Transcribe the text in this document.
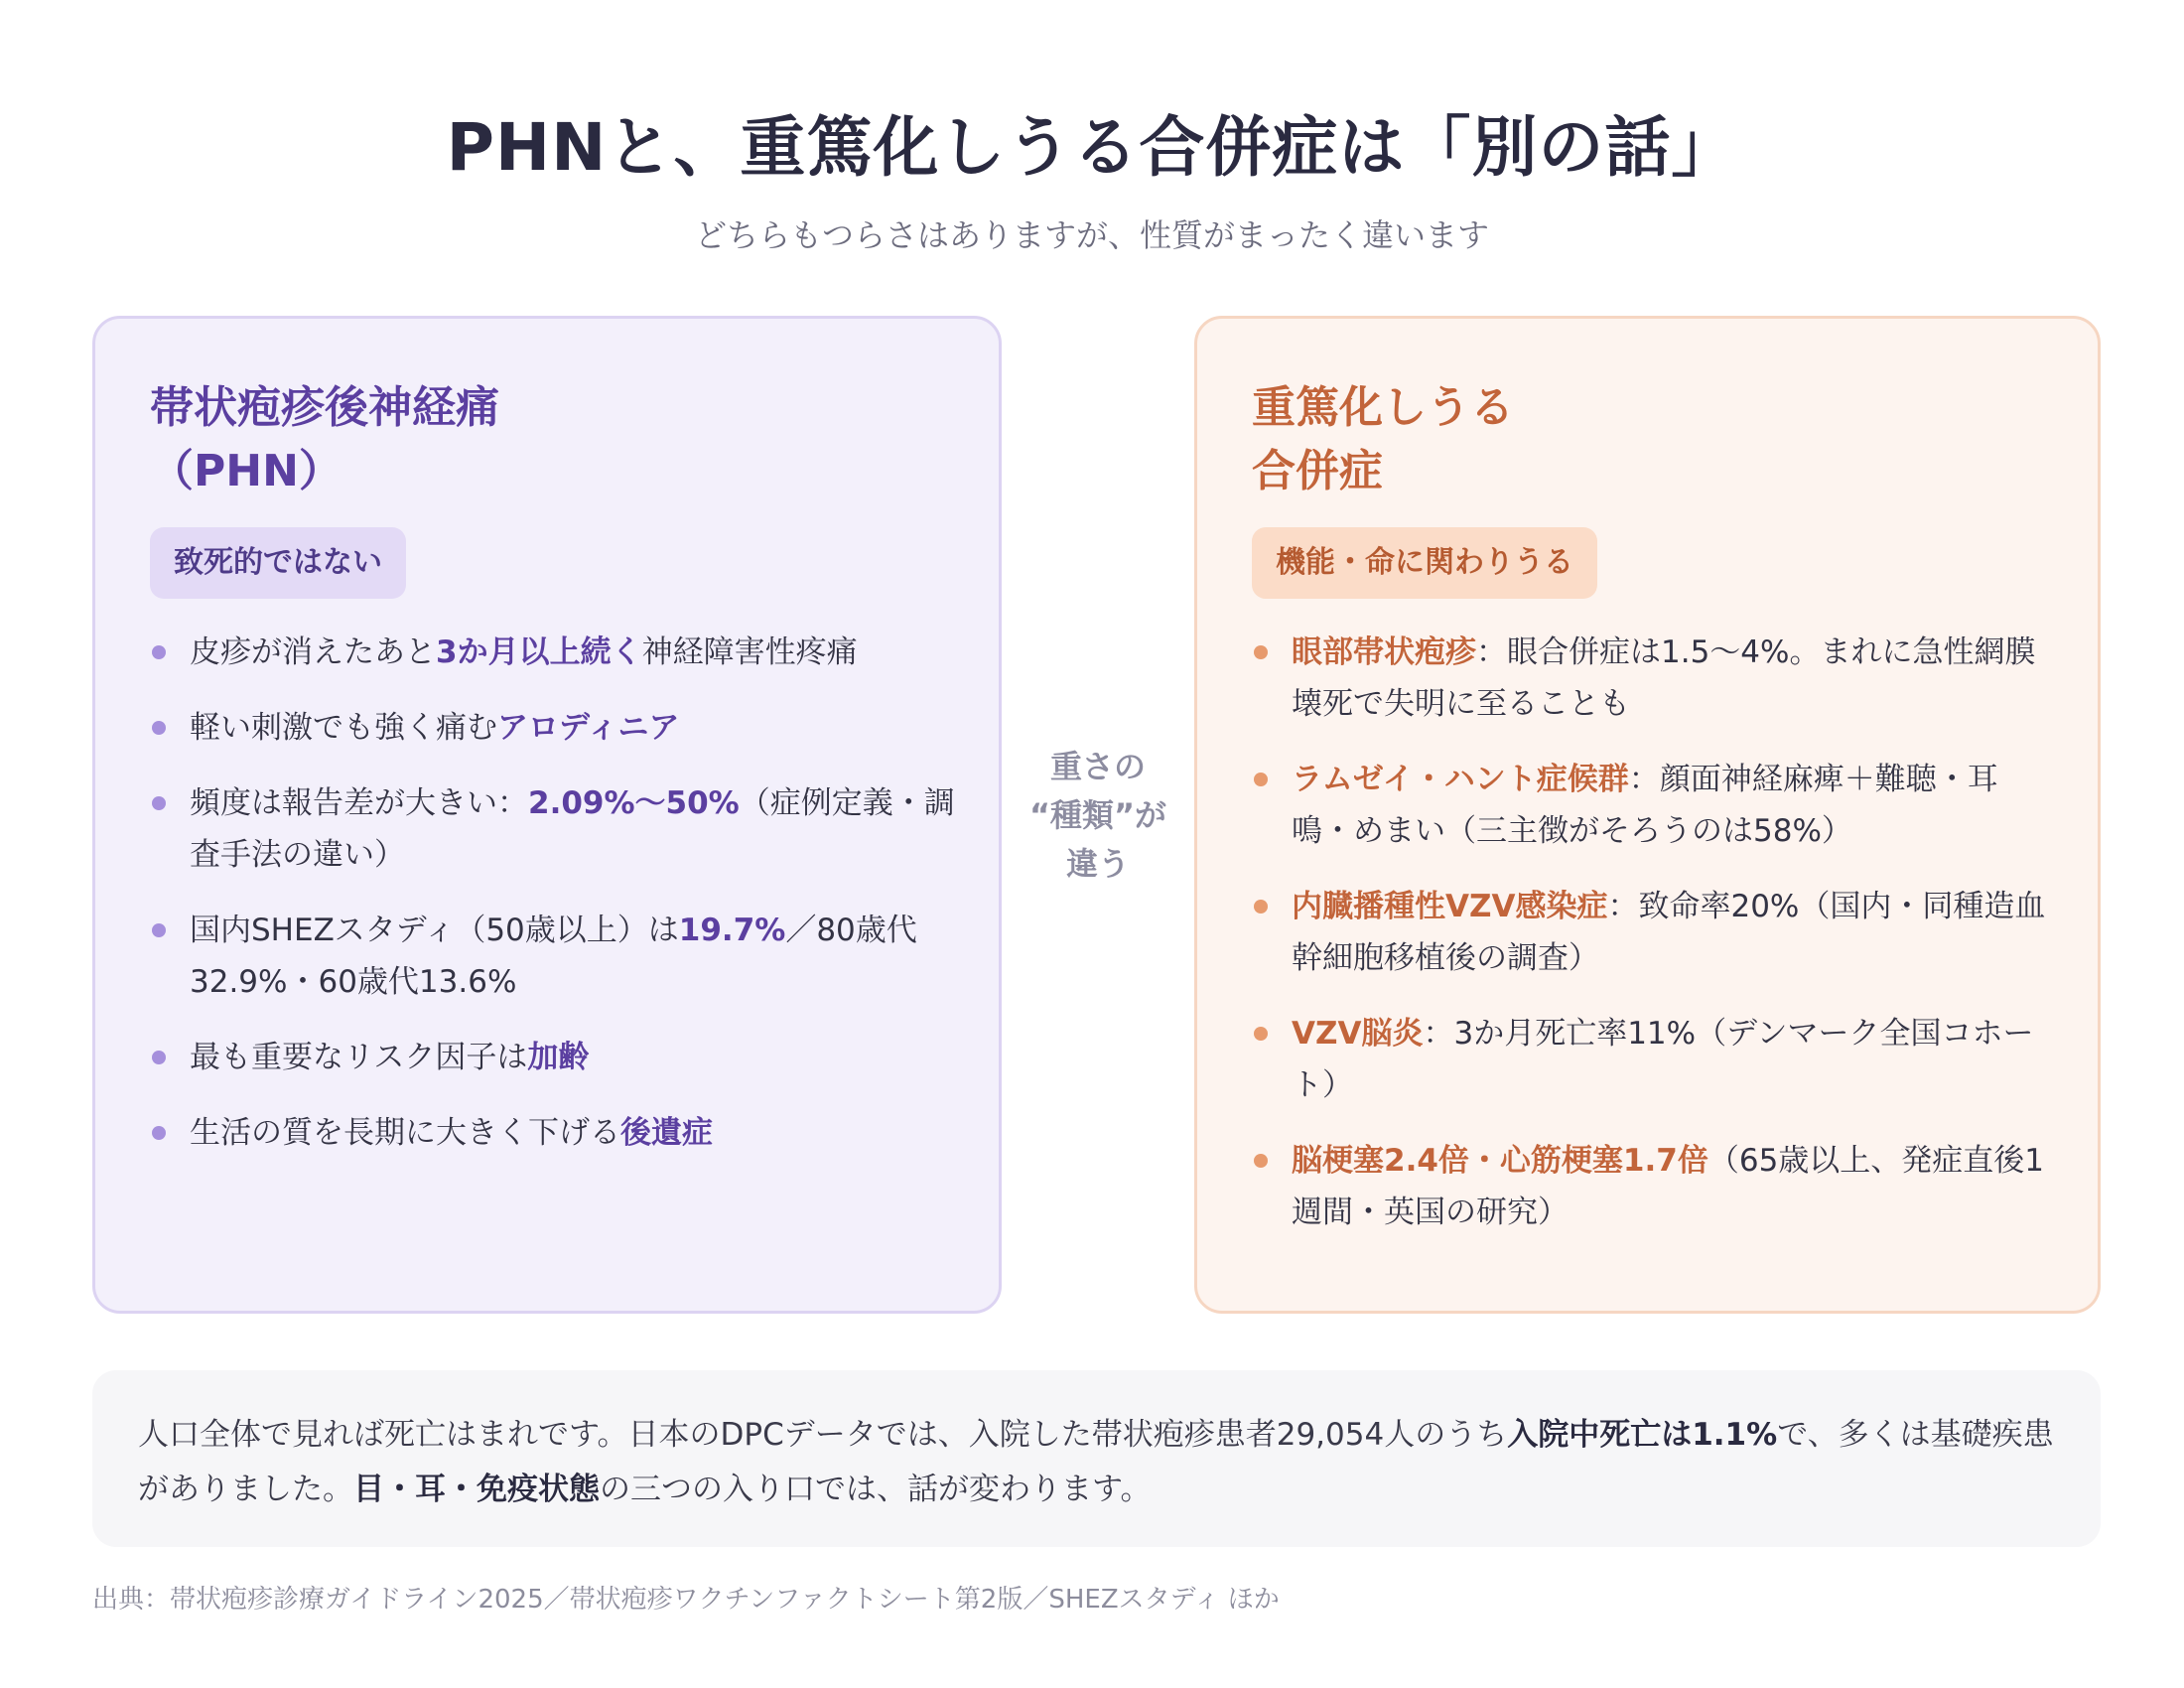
PHNと、重篤化しうる合併症は「別の話」

どちらもつらさはありますが、性質がまったく違います

帯状疱疹後神経痛
（PHN）
致死的ではない
皮疹が消えたあと3か月以上続く神経障害性疼痛
軽い刺激でも強く痛むアロディニア
頻度は報告差が大きい：2.09%〜50%（症例定義・調査手法の違い）
国内SHEZスタディ（50歳以上）は19.7%／80歳代32.9%・60歳代13.6%
最も重要なリスク因子は加齢
生活の質を長期に大きく下げる後遺症
重さの
“種類”が
違う
重篤化しうる
合併症
機能・命に関わりうる
眼部帯状疱疹：眼合併症は1.5〜4%。まれに急性網膜壊死で失明に至ることも
ラムゼイ・ハント症候群：顔面神経麻痺＋難聴・耳鳴・めまい（三主徴がそろうのは58%）
内臓播種性VZV感染症：致命率20%（国内・同種造血幹細胞移植後の調査）
VZV脳炎：3か月死亡率11%（デンマーク全国コホート）
脳梗塞2.4倍・心筋梗塞1.7倍（65歳以上、発症直後1週間・英国の研究）
人口全体で見れば死亡はまれです。日本のDPCデータでは、入院した帯状疱疹患者29,054人のうち入院中死亡は1.1%で、多くは基礎疾患がありました。目・耳・免疫状態の三つの入り口では、話が変わります。
出典：帯状疱疹診療ガイドライン2025／帯状疱疹ワクチンファクトシート第2版／SHEZスタディ ほか
